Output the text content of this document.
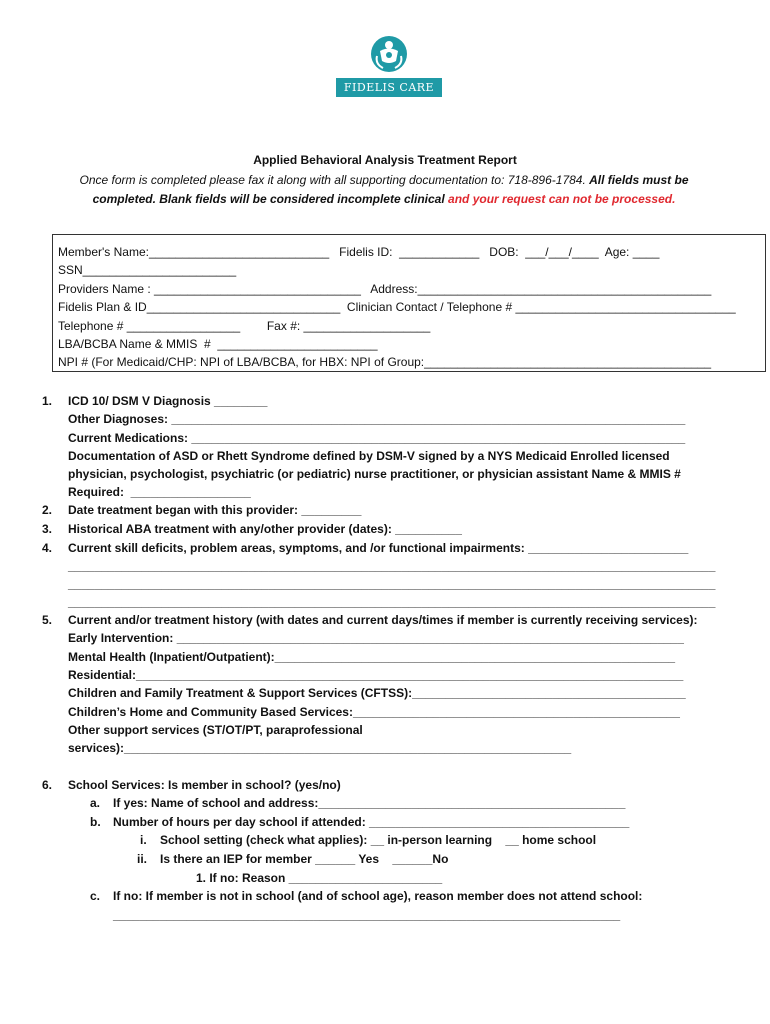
FIDELIS CARE
Applied Behavioral Analysis Treatment Report
Once form is completed please fax it along with all supporting documentation to: 718-896-1784. All fields must be completed. Blank fields will be considered incomplete clinical and your request can not be processed.
Member's Name:___________________________   Fidelis ID:  ____________   DOB:  ___/___/____  Age: ____
SSN_______________________
Providers Name : _______________________________   Address:____________________________________________
Fidelis Plan & ID_____________________________  Clinician Contact / Telephone # _________________________________
Telephone # _________________        Fax #: ___________________
LBA/BCBA Name & MMIS  #  ________________________
NPI # (For Medicaid/CHP: NPI of LBA/BCBA, for HBX: NPI of Group:___________________________________________
1. ICD 10/ DSM V Diagnosis ________
Other Diagnoses: _____________________________________________________________________________
Current Medications: __________________________________________________________________________
Documentation of ASD or Rhett Syndrome defined by DSM-V signed by a NYS Medicaid Enrolled licensed
physician, psychologist, psychiatric (or pediatric) nurse practitioner, or physician assistant Name & MMIS #
Required:  __________________
2. Date treatment began with this provider: _________
3. Historical ABA treatment with any/other provider (dates): __________
4. Current skill deficits, problem areas, symptoms, and /or functional impairments: ________________________
_________________________________________________________________________________________________
_________________________________________________________________________________________________
_________________________________________________________________________________________________
5. Current and/or treatment history (with dates and current days/times if member is currently receiving services):
Early Intervention: ____________________________________________________________________________
Mental Health (Inpatient/Outpatient):____________________________________________________________
Residential:__________________________________________________________________________________
Children and Family Treatment & Support Services (CFTSS):_________________________________________
Children’s Home and Community Based Services:_________________________________________________
Other support services (ST/OT/PT, paraprofessional
services):___________________________________________________________________
6. School Services: Is member in school? (yes/no)
a. If yes: Name of school and address:______________________________________________
b. Number of hours per day school if attended: _______________________________________
i. School setting (check what applies): __ in-person learning    __ home school
ii. Is there an IEP for member ______ Yes    ______No
1. If no: Reason _______________________
c. If no: If member is not in school (and of school age), reason member does not attend school:
____________________________________________________________________________
